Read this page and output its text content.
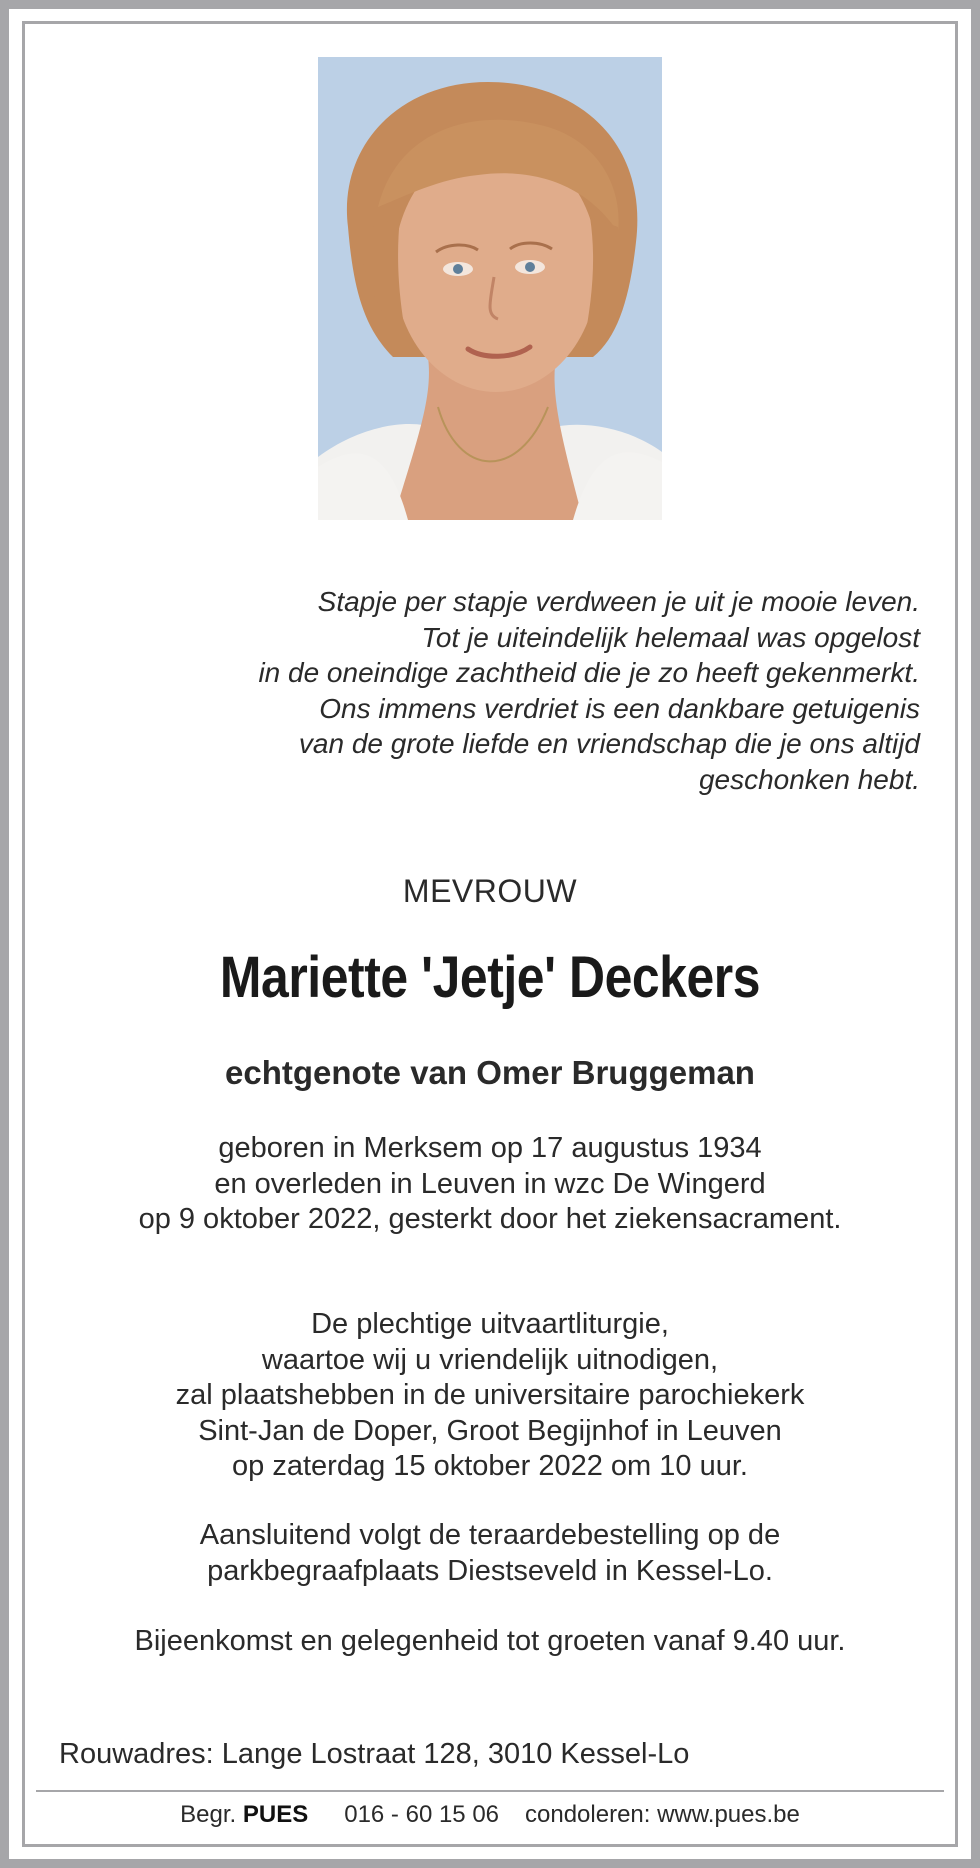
Stapje per stapje verdween je uit je mooie leven.
Tot je uiteindelijk helemaal was opgelost
in de oneindige zachtheid die je zo heeft gekenmerkt.
Ons immens verdriet is een dankbare getuigenis
van de grote liefde en vriendschap die je ons altijd
geschonken hebt.
MEVROUW
Mariette 'Jetje' Deckers
echtgenote van Omer Bruggeman
geboren in Merksem op 17 augustus 1934
en overleden in Leuven in wzc De Wingerd
op 9 oktober 2022, gesterkt door het ziekensacrament.
De plechtige uitvaartliturgie,
waartoe wij u vriendelijk uitnodigen,
zal plaatshebben in de universitaire parochiekerk
Sint-Jan de Doper, Groot Begijnhof in Leuven
op zaterdag 15 oktober 2022 om 10 uur.
Aansluitend volgt de teraardebestelling op de
parkbegraafplaats Diestseveld in Kessel-Lo.
Bijeenkomst en gelegenheid tot groeten vanaf 9.40 uur.
Rouwadres: Lange Lostraat 128, 3010 Kessel-Lo
Begr. PUES 016 - 60 15 06 condoleren: www.pues.be
